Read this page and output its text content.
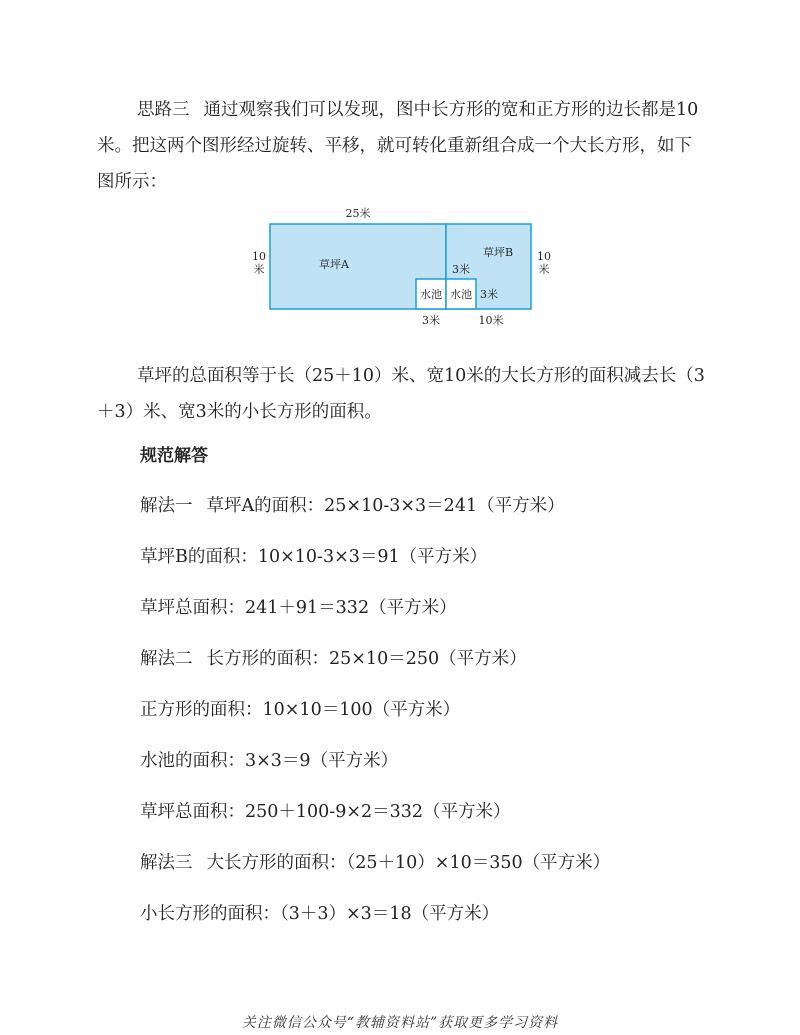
思路三 通过观察我们可以发现，图中长方形的宽和正方形的边长都是10米。把这两个图形经过旋转、平移，就可转化重新组合成一个大长方形，如下图所示：

25米
10
米
10
米
草坪A
草坪B
水池 水池
3米
3米
3米	10米

草坪的总面积等于长（25＋10）米、宽10米的大长方形的面积减去长（3＋3）米、宽3米的小长方形的面积。

规范解答
解法一 草坪A的面积：25×10-3×3＝241（平方米）
草坪B的面积：10×10-3×3＝91（平方米）
草坪总面积：241＋91＝332（平方米）
解法二 长方形的面积：25×10＝250（平方米）
正方形的面积：10×10＝100（平方米）
水池的面积：3×3＝9（平方米）
草坪总面积：250＋100-9×2＝332（平方米）
解法三 大长方形的面积：（25＋10）×10＝350（平方米）
小长方形的面积：（3＋3）×3＝18（平方米）
关注微信公众号“教辅资料站”获取更多学习资料
